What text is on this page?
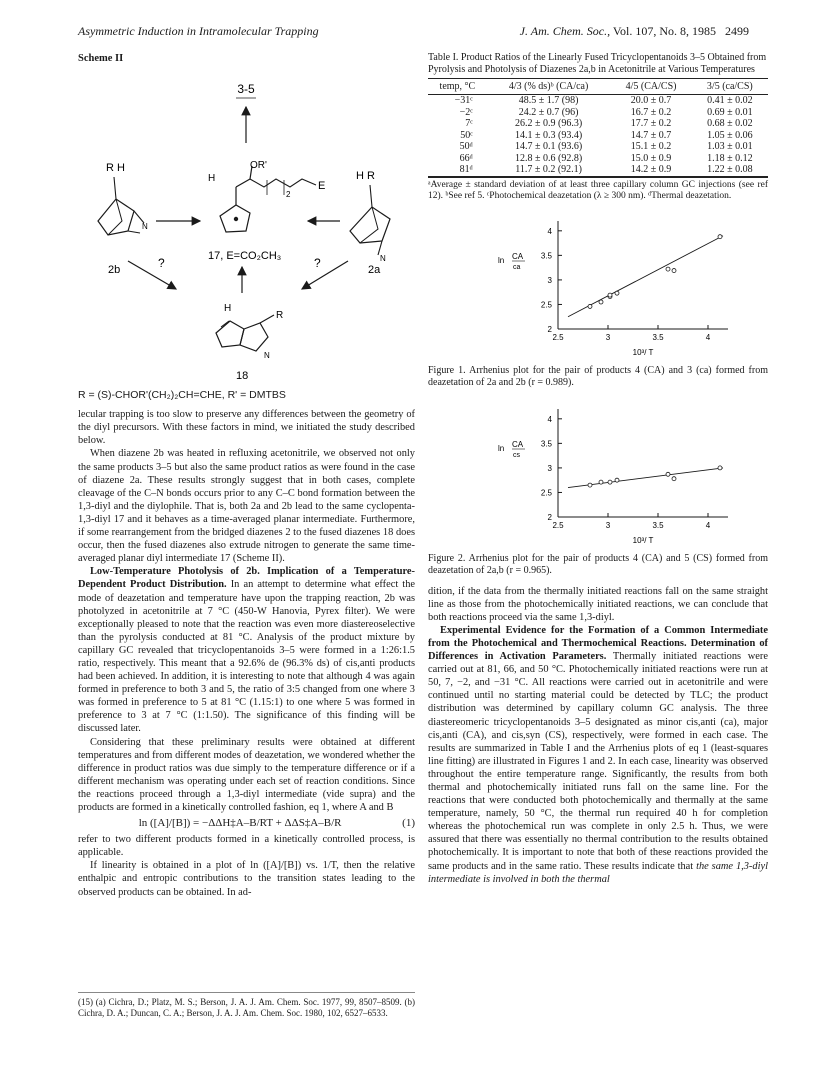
Asymmetric Induction in Intramolecular Trapping	J. Am. Chem. Soc., Vol. 107, No. 8, 1985 2499
Scheme II
3-5
H
OR'
2
E
17, E=CO₂CH₃
R H
N
2b
H R
N
2a
?	?
H
R
N
18
R = (S)-CHOR'(CH₂)₂CH=CHE, R' = DMTBS

lecular trapping is too slow to preserve any differences between the geometry of the diyl precursors. With these factors in mind, we initiated the study described below.

When diazene 2b was heated in refluxing acetonitrile, we observed not only the same products 3–5 but also the same product ratios as were found in the case of diazene 2a. These results strongly suggest that in both cases, complete cleavage of the C–N bonds occurs prior to any C–C bond formation between the 1,3-diyl and the diylophile. That is, both 2a and 2b lead to the same cyclopenta-1,3-diyl 17 and it behaves as a time-averaged planar intermediate. Furthermore, if some rearrangement from the bridged diazenes 2 to the fused diazenes 18 does occur, then the fused diazenes also extrude nitrogen to generate the same time-averaged planar diyl intermediate 17 (Scheme II).

Low-Temperature Photolysis of 2b. Implication of a Temperature-Dependent Product Distribution. In an attempt to determine what effect the mode of deazetation and temperature have upon the trapping reaction, 2b was photolyzed in acetonitrile at 7 °C (450-W Hanovia, Pyrex filter). We were exceptionally pleased to note that the reaction was even more diastereoselective than the pyrolysis conducted at 81 °C. Analysis of the product mixture by capillary GC revealed that tricyclopentanoids 3–5 were formed in a 1:26:1.5 ratio, respectively. This meant that a 92.6% de (96.3% ds) of cis,anti products had been achieved. In addition, it is interesting to note that although 4 was again formed in preference to both 3 and 5, the ratio of 3:5 changed from one where 3 was formed in preference to 5 at 81 °C (1.15:1) to one where 5 was formed in preference to 3 at 7 °C (1:1.50). The significance of this finding will be discussed later.

Considering that these preliminary results were obtained at different temperatures and from different modes of deazetation, we wondered whether the difference in product ratios was due simply to the temperature difference or if a different mechanism was operating under each set of reaction conditions. Since the reactions proceed through a 1,3-diyl intermediate (vide supra) and the products are formed in a kinetically controlled fashion, eq 1, where A and B

ln ([A]/[B]) = −ΔΔH‡A–B/RT + ΔΔS‡A–B/R	(1)

refer to two different products formed in a kinetically controlled process, is applicable.

If linearity is obtained in a plot of ln ([A]/[B]) vs. 1/T, then the relative enthalpic and entropic contributions to the transition states leading to the observed products can be obtained. In ad-

(15) (a) Cichra, D.; Platz, M. S.; Berson, J. A. J. Am. Chem. Soc. 1977, 99, 8507–8509. (b) Cichra, D. A.; Duncan, C. A.; Berson, J. A. J. Am. Chem. Soc. 1980, 102, 6527–6533.
Table I. Product Ratios of the Linearly Fused Tricyclopentanoids 3–5 Obtained from Pyrolysis and Photolysis of Diazenes 2a,b in Acetonitrile at Various Temperatures
temp, °C	4/3 (% ds)ᵇ (CA/ca)	4/5 (CA/CS)	3/5 (ca/CS)
−31ᶜ	48.5 ± 1.7 (98)	20.0 ± 0.7	0.41 ± 0.02
−2ᶜ	24.2 ± 0.7 (96)	16.7 ± 0.2	0.69 ± 0.01
7ᶜ	26.2 ± 0.9 (96.3)	17.7 ± 0.2	0.68 ± 0.02
50ᶜ	14.1 ± 0.3 (93.4)	14.7 ± 0.7	1.05 ± 0.06
50ᵈ	14.7 ± 0.1 (93.6)	15.1 ± 0.2	1.03 ± 0.01
66ᵈ	12.8 ± 0.6 (92.8)	15.0 ± 0.9	1.18 ± 0.12
81ᵈ	11.7 ± 0.2 (92.1)	14.2 ± 0.9	1.22 ± 0.08
ᵃAverage ± standard deviation of at least three capillary column GC injections (see ref 12). ᵇSee ref 5. ᶜPhotochemical deazetation (λ ≥ 300 nm). ᵈThermal deazetation.
2
2.5
3
3.5
4
2.5	3	3.5	4
10³/ T
ln CA
ca
Figure 1. Arrhenius plot for the pair of products 4 (CA) and 3 (ca) formed from deazetation of 2a and 2b (r = 0.989).
2
2.5
3
3.5
4
2.5	3	3.5	4
10³/ T
ln CA
cs
Figure 2. Arrhenius plot for the pair of products 4 (CA) and 5 (CS) formed from deazetation of 2a,b (r = 0.965).

dition, if the data from the thermally initiated reactions fall on the same straight line as those from the photochemically initiated reactions, we can conclude that both reactions proceed via the same 1,3-diyl.

Experimental Evidence for the Formation of a Common Intermediate from the Photochemical and Thermochemical Reactions. Determination of Differences in Activation Parameters. Thermally initiated reactions were carried out at 81, 66, and 50 °C. Photochemically initiated reactions were run at 50, 7, −2, and −31 °C. All reactions were carried out in acetonitrile and were continued until no starting material could be detected by TLC; the product distribution was determined by capillary column GC analysis. The three diastereomeric tricyclopentanoids 3–5 designated as minor cis,anti (ca), major cis,anti (CA), and cis,syn (CS), respectively, were formed in each case. The results are summarized in Table I and the Arrhenius plots of eq 1 (least-squares line fitting) are illustrated in Figures 1 and 2. In each case, linearity was observed throughout the entire temperature range. Significantly, the results from both thermal and photochemically initiated runs fall on the same line. For the reactions that were conducted both photochemically and thermally at the same temperature, namely, 50 °C, the thermal run required 40 h for completion whereas the photochemical run was complete in only 2.5 h. Thus, we were assured that there was essentially no thermal contribution to the results obtained photochemically. It is important to note that both of these reactions provided the same products and in the same ratio. These results indicate that the same 1,3-diyl intermediate is involved in both the thermal
